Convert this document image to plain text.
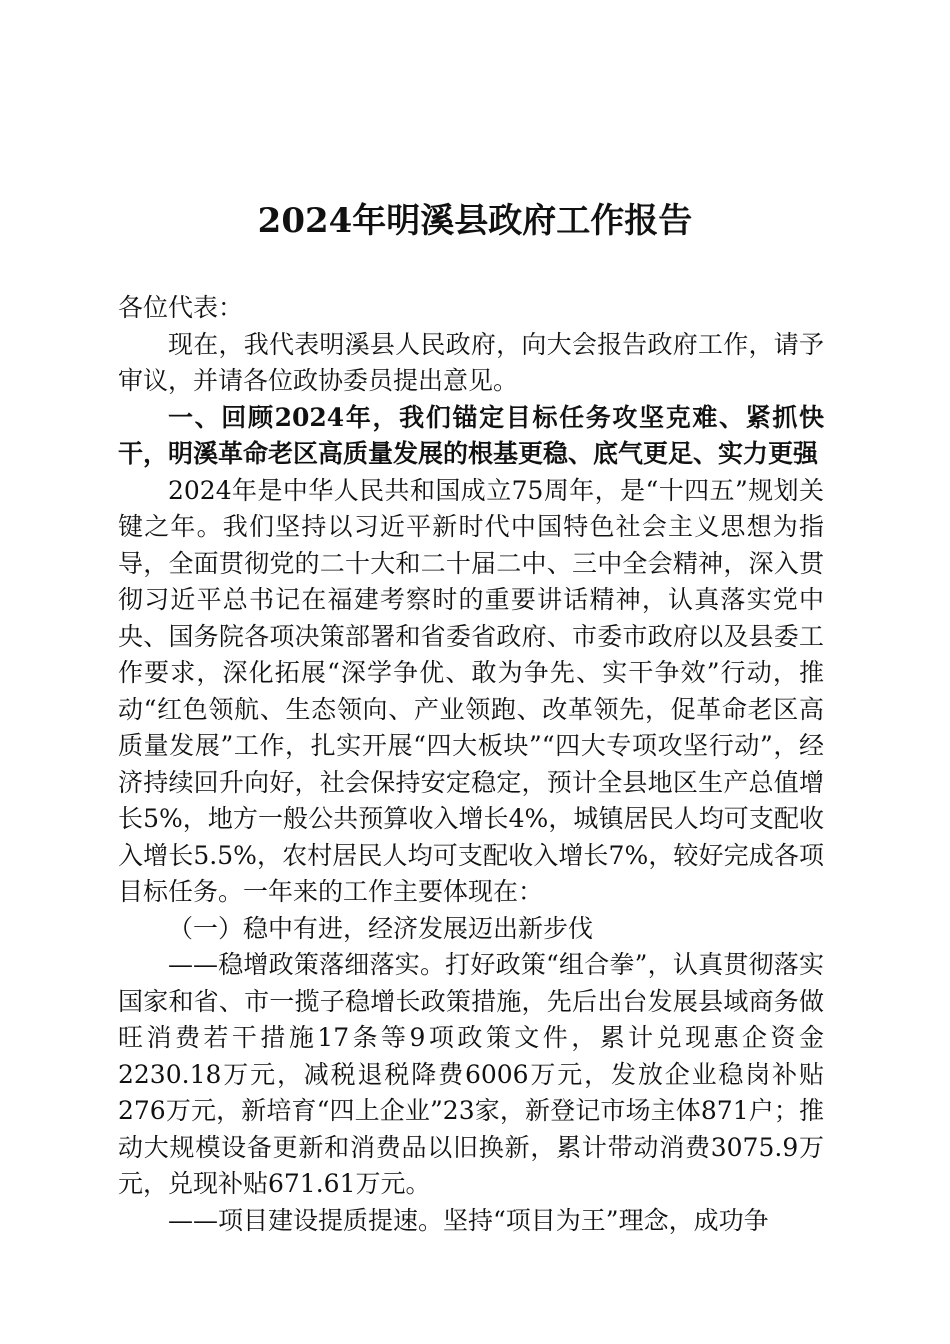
2024年明溪县政府工作报告

各位代表：

现在，我代表明溪县人民政府，向大会报告政府工作，请予审议，并请各位政协委员提出意见。

一、回顾2024年，我们锚定目标任务攻坚克难、紧抓快干，明溪革命老区高质量发展的根基更稳、底气更足、实力更强

2024年是中华人民共和国成立75周年，是“十四五”规划关键之年。我们坚持以习近平新时代中国特色社会主义思想为指导，全面贯彻党的二十大和二十届二中、三中全会精神，深入贯彻习近平总书记在福建考察时的重要讲话精神，认真落实党中央、国务院各项决策部署和省委省政府、市委市政府以及县委工作要求，深化拓展“深学争优、敢为争先、实干争效”行动，推动“红色领航、生态领向、产业领跑、改革领先，促革命老区高质量发展”工作，扎实开展“四大板块”“四大专项攻坚行动”，经济持续回升向好，社会保持安定稳定，预计全县地区生产总值增长5%，地方一般公共预算收入增长4%，城镇居民人均可支配收入增长5.5%，农村居民人均可支配收入增长7%，较好完成各项目标任务。一年来的工作主要体现在：

（一）稳中有进，经济发展迈出新步伐

——稳增政策落细落实。打好政策“组合拳”，认真贯彻落实国家和省、市一揽子稳增长政策措施，先后出台发展县域商务做旺消费若干措施17条等9项政策文件，累计兑现惠企资金2230.18万元，减税退税降费6006万元，发放企业稳岗补贴276万元，新培育“四上企业”23家，新登记市场主体871户；推动大规模设备更新和消费品以旧换新，累计带动消费3075.9万元，兑现补贴671.61万元。

——项目建设提质提速。坚持“项目为王”理念，成功争
